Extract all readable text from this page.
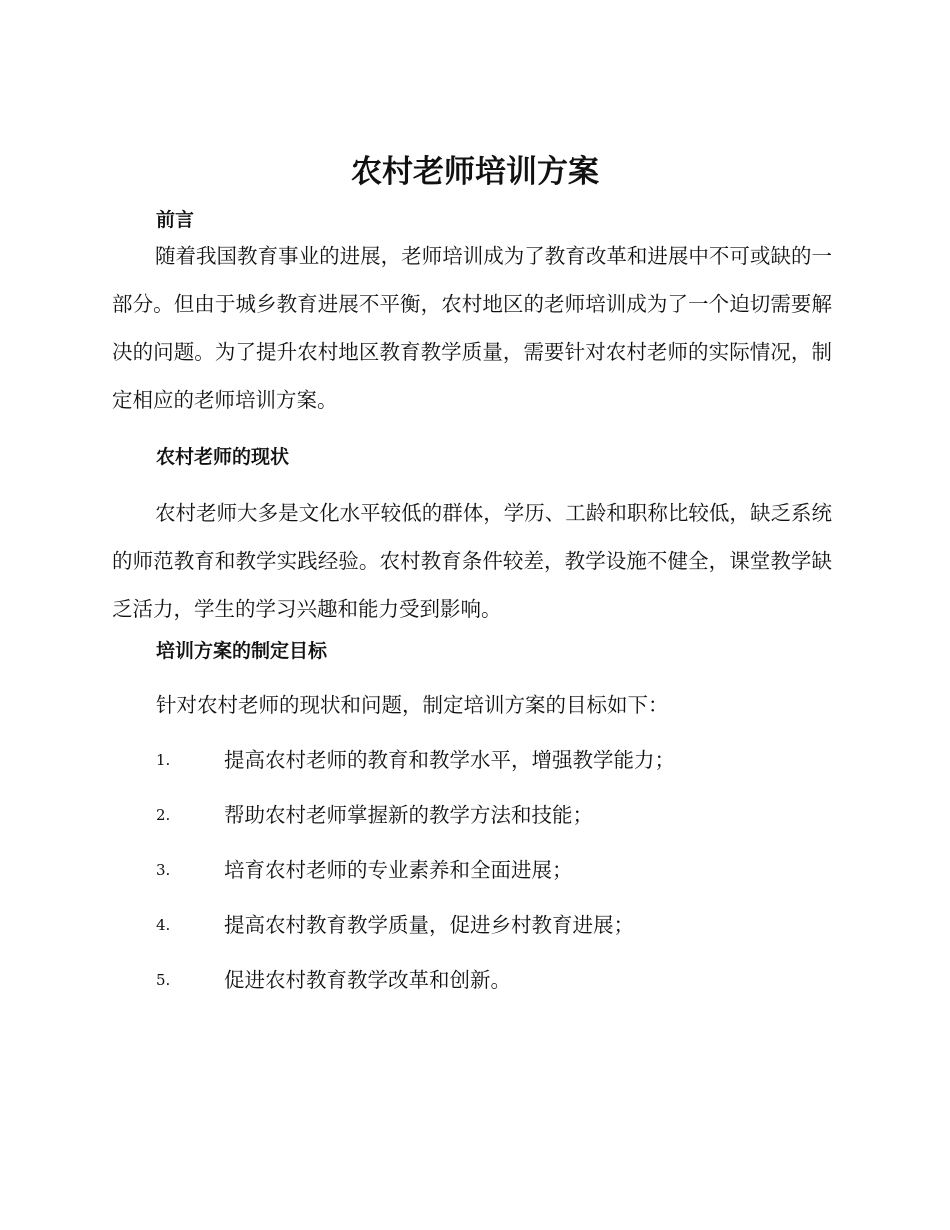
农村老师培训方案
前言

随着我国教育事业的进展，老师培训成为了教育改革和进展中不可或缺的一部分。但由于城乡教育进展不平衡，农村地区的老师培训成为了一个迫切需要解决的问题。为了提升农村地区教育教学质量，需要针对农村老师的实际情况，制定相应的老师培训方案。

农村老师的现状

农村老师大多是文化水平较低的群体，学历、工龄和职称比较低，缺乏系统的师范教育和教学实践经验。农村教育条件较差，教学设施不健全，课堂教学缺乏活力，学生的学习兴趣和能力受到影响。

培训方案的制定目标

针对农村老师的现状和问题，制定培训方案的目标如下：

1.	提高农村老师的教育和教学水平，增强教学能力；
2.	帮助农村老师掌握新的教学方法和技能；
3.	培育农村老师的专业素养和全面进展；
4.	提高农村教育教学质量，促进乡村教育进展；
5.	促进农村教育教学改革和创新。
